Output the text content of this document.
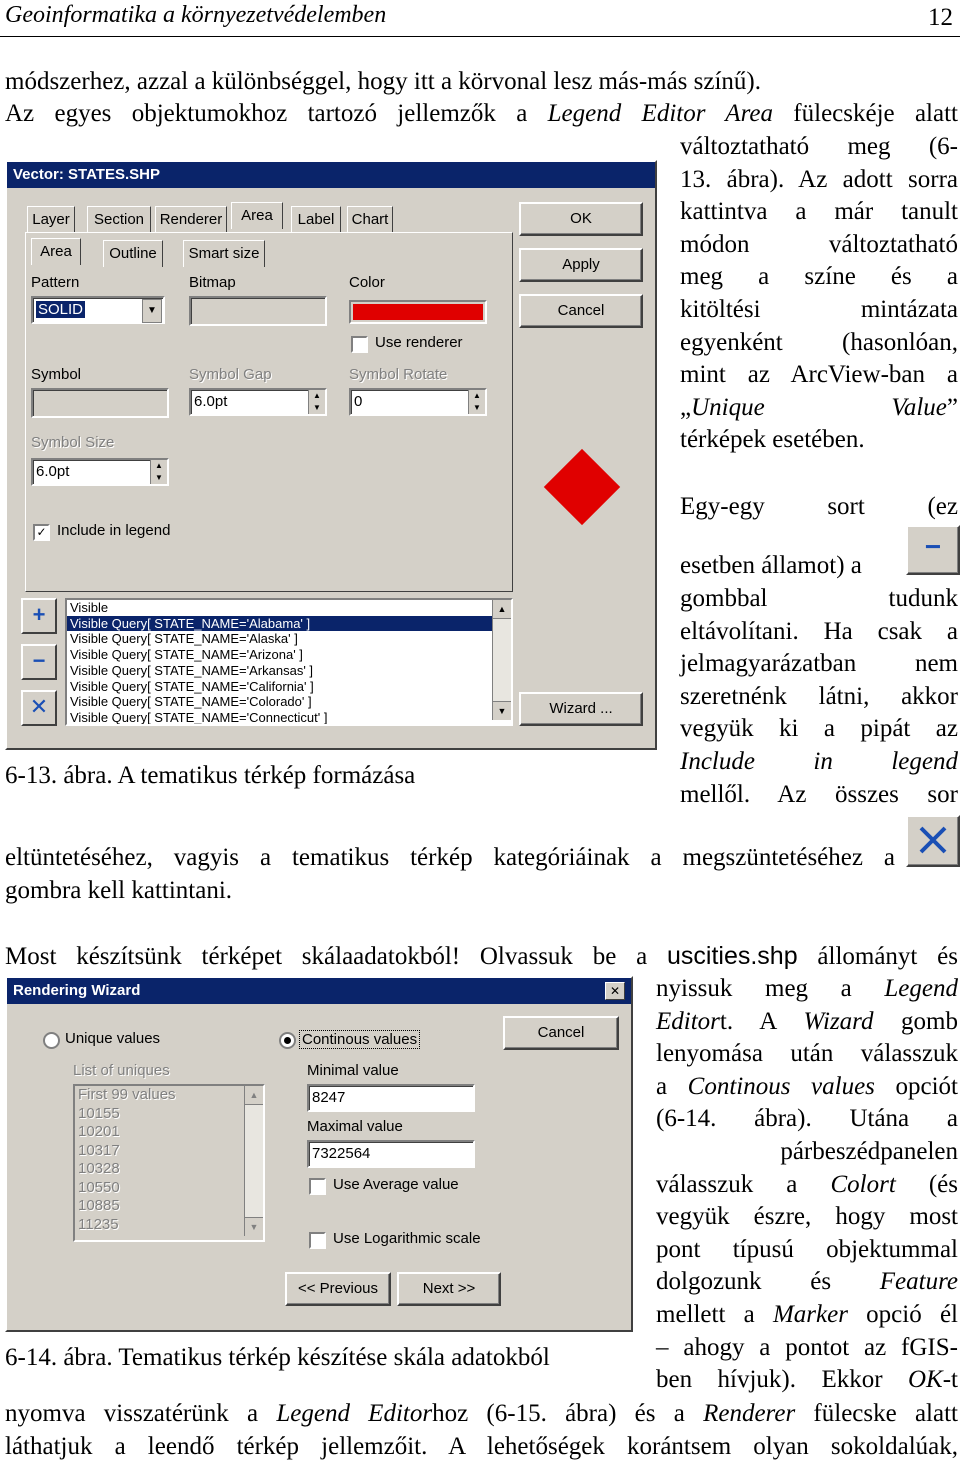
Geoinformatika a környezetvédelemben	12
módszerhez, azzal a különbséggel, hogy itt a körvonal lesz más-más színű).
Az egyes objektumokhoz tartozó jellemzők a Legend Editor Area fülecskéje alatt
változtatható meg (6-
13. ábra). Az adott sorra
kattintva a már tanult
módon változtatható
meg a színe és a
kitöltési mintázata
egyenként (hasonlóan,
mint az ArcView-ban a
„Unique	Value”
térképek esetében.
Vector: STATES.SHP
Layer	Section	Renderer	Area	Label	Chart
Area	Outline	Smart size
OK
Apply
Cancel
Pattern
SOLID	▼
Bitmap	Color
Use renderer
Symbol	Symbol Gap
6.0pt	▲
▼
Symbol Rotate
0	▲
▼
Symbol Size
6.0pt	▲
▼
✓ Include in legend
+
−
✕
Visible
Visible Query[ STATE_NAME='Alabama' ]
Visible Query[ STATE_NAME='Alaska' ]
Visible Query[ STATE_NAME='Arizona' ]
Visible Query[ STATE_NAME='Arkansas' ]
Visible Query[ STATE_NAME='California' ]
Visible Query[ STATE_NAME='Colorado' ]
Visible Query[ STATE_NAME='Connecticut' ]
▲
▼	Wizard ...
6-13. ábra. A tematikus térkép formázása
Egy-egy sort (ez
esetben államot) a
−
gombbal tudunk
eltávolítani. Ha csak a
jelmagyarázatban nem
szeretnénk látni, akkor
vegyük ki a pipát az
Include in legend
mellől. Az összes sor
eltüntetéséhez, vagyis a tematikus térkép kategóriáinak a megszüntetéséhez a
gombra kell kattintani.
Most készítsünk térképet skálaadatokból! Olvassuk be a uscities.shp állományt és
nyissuk meg a Legend
Editort. A Wizard gomb
lenyomása után válasszuk
a Continous values opciót
(6-14. ábra). Utána a
párbeszédpanelen
válasszuk a Colort (és
vegyük észre, hogy most
pont típusú objektummal
dolgozunk és Feature
mellett a Marker opció él
– ahogy a pontot az fGIS-
ben hívjuk). Ekkor OK-t
Rendering Wizard	✕
Unique values	Continous values	Cancel
List of uniques
First 99 values
10155
10201
10317
10328
10550
10885
11235
▲
▼
Minimal value
8247
Maximal value
7322564
Use Average value
Use Logarithmic scale
<< Previous	Next >>
6-14. ábra. Tematikus térkép készítése skála adatokból
nyomva visszatérünk a Legend Editorhoz (6-15. ábra) és a Renderer fülecske alatt
láthatjuk a leendő térkép jellemzőit. A lehetőségek korántsem olyan sokoldalúak,
